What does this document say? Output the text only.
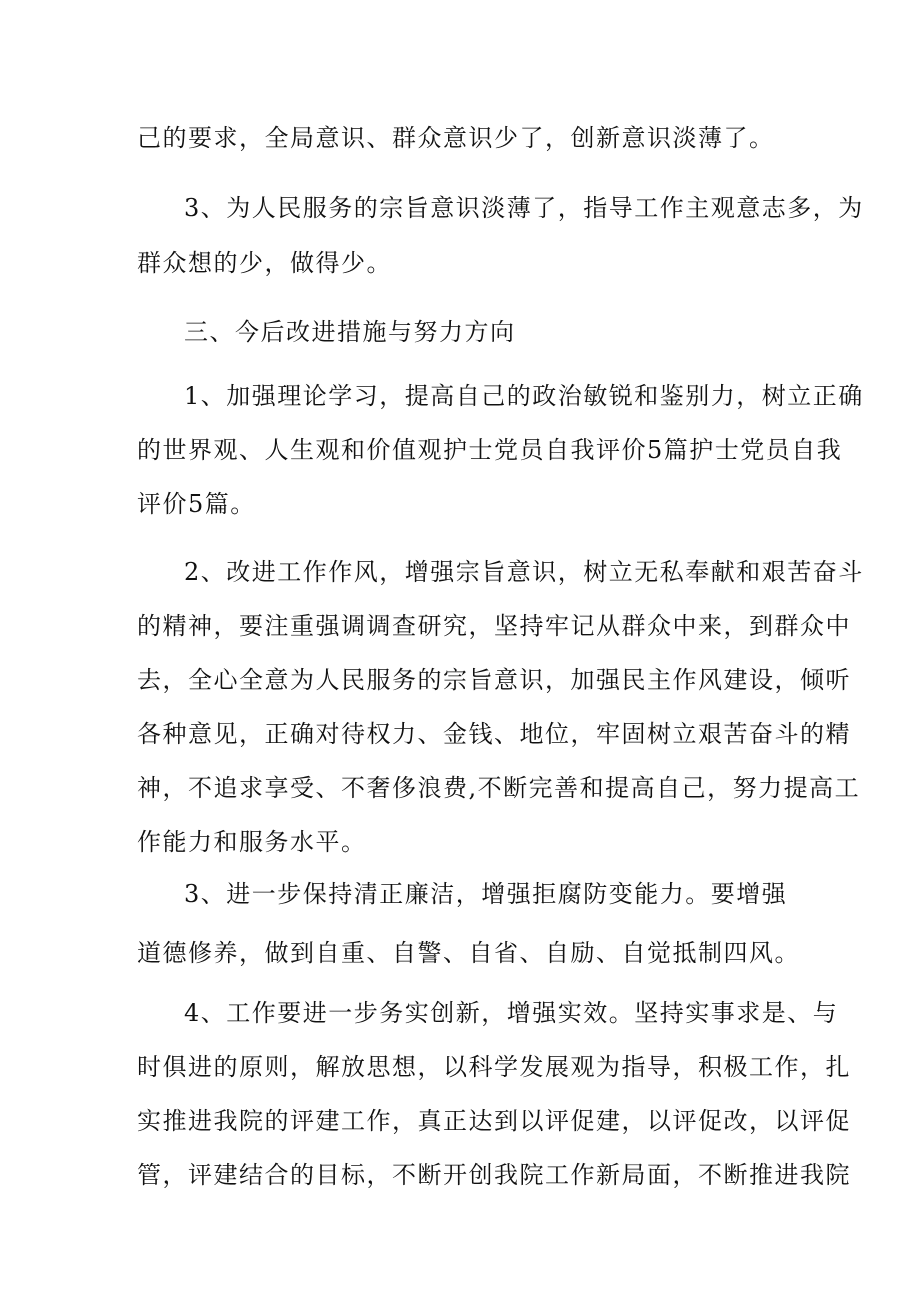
己的要求，全局意识、群众意识少了，创新意识淡薄了。
3、为人民服务的宗旨意识淡薄了，指导工作主观意志多，为
群众想的少，做得少。
三、今后改进措施与努力方向
1、加强理论学习，提高自己的政治敏锐和鉴别力，树立正确
的世界观、人生观和价值观护士党员自我评价5篇护士党员自我
评价5篇。
2、改进工作作风，增强宗旨意识，树立无私奉献和艰苦奋斗
的精神，要注重强调调查研究，坚持牢记从群众中来，到群众中
去，全心全意为人民服务的宗旨意识，加强民主作风建设，倾听
各种意见，正确对待权力、金钱、地位，牢固树立艰苦奋斗的精
神，不追求享受、不奢侈浪费,不断完善和提高自己，努力提高工
作能力和服务水平。
3、进一步保持清正廉洁，增强拒腐防变能力。要增强
道德修养，做到自重、自警、自省、自励、自觉抵制四风。
4、工作要进一步务实创新，增强实效。坚持实事求是、与
时俱进的原则，解放思想，以科学发展观为指导，积极工作，扎
实推进我院的评建工作，真正达到以评促建，以评促改，以评促
管，评建结合的目标，不断开创我院工作新局面，不断推进我院
